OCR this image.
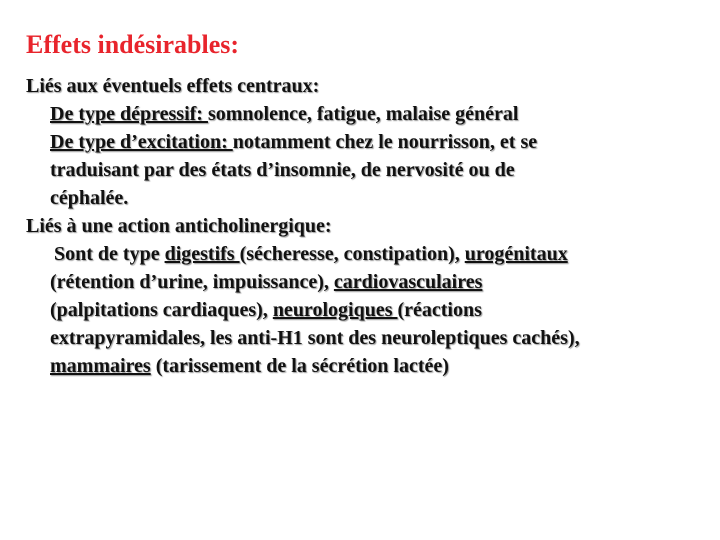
Effets indésirables:

Liés aux éventuels effets centraux:

De type dépressif: somnolence, fatigue, malaise général
De type d’excitation: notamment chez le nourrisson, et se
traduisant par des états d’insomnie, de nervosité ou de
céphalée.

Liés à une action anticholinergique:

Sont de type digestifs (sécheresse, constipation), urogénitaux
(rétention d’urine, impuissance), cardiovasculaires
(palpitations cardiaques), neurologiques (réactions
extrapyramidales, les anti-H1 sont des neuroleptiques cachés),
mammaires (tarissement de la sécrétion lactée)
